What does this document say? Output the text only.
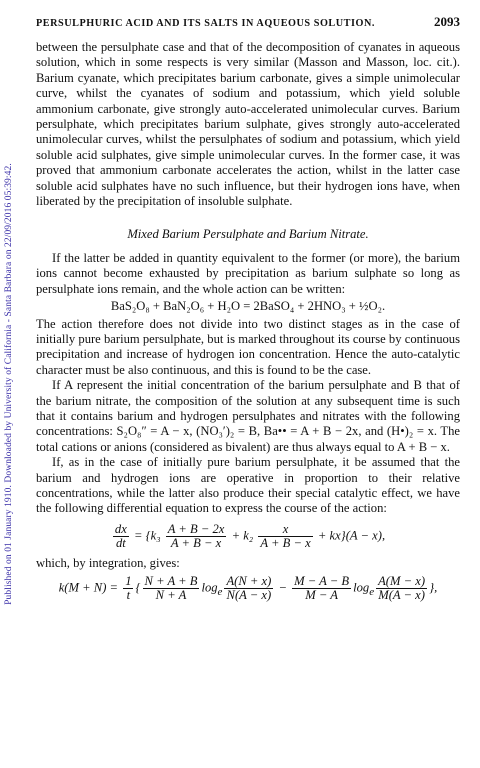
Published on 01 January 1910. Downloaded by University of California - Santa Barbara on 22/09/2016 05:39:42.
PERSULPHURIC ACID AND ITS SALTS IN AQUEOUS SOLUTION.	2093

between the persulphate case and that of the decomposition of cyanates in aqueous solution, which in some respects is very similar (Masson and Masson, loc. cit.). Barium cyanate, which precipitates barium carbonate, gives a simple unimolecular curve, whilst the cyanates of sodium and potassium, which yield soluble ammonium carbonate, give strongly auto-accelerated unimolecular curves. Barium persulphate, which precipitates barium sulphate, gives strongly auto-accelerated unimolecular curves, whilst the persulphates of sodium and potassium, which yield soluble acid sulphates, give simple unimolecular curves. In the former case, it was proved that ammonium carbonate accelerates the action, whilst in the latter case soluble acid sulphates have no such influence, but their hydrogen ions have, when liberated by the precipitation of insoluble sulphate.

Mixed Barium Persulphate and Barium Nitrate.

If the latter be added in quantity equivalent to the former (or more), the barium ions cannot become exhausted by precipitation as barium sulphate so long as persulphate ions remain, and the whole action can be written:

BaS₂O₈ + BaN₂O₆ + H₂O = 2BaSO₄ + 2HNO₃ + ½O₂.

The action therefore does not divide into two distinct stages as in the case of initially pure barium persulphate, but is marked throughout its course by continuous precipitation and increase of hydrogen ion concentration. Hence the auto-catalytic character must be also continuous, and this is found to be the case.

If A represent the initial concentration of the barium persulphate and B that of the barium nitrate, the composition of the solution at any subsequent time is such that it contains barium and hydrogen persulphates and nitrates with the following concentrations: S₂O₈″ = A − x, (NO₃′)₂ = B, Ba•• = A + B − 2x, and (H•)₂ = x. The total cations or anions (considered as bivalent) are thus always equal to A + B − x.

If, as in the case of initially pure barium persulphate, it be assumed that the barium and hydrogen ions are operative in proportion to their relative concentrations, while the latter also produce their special catalytic effect, we have the following differential equation to express the course of the action:

$\frac{dx}{dt} = \{k_3 \frac{A + B - 2x}{A + B - x} + k_2 \frac{x}{A + B - x} + kx\}(A - x)$,

which, by integration, gives:

$k(M + N) = \frac{1}{t}$ { $\frac{N + A + B}{N + A} \log_e \frac{A(N + x)}{N(A - x)} - \frac{M - A - B}{M - A} \log_e \frac{A(M - x)}{M(A - x)}$ },
